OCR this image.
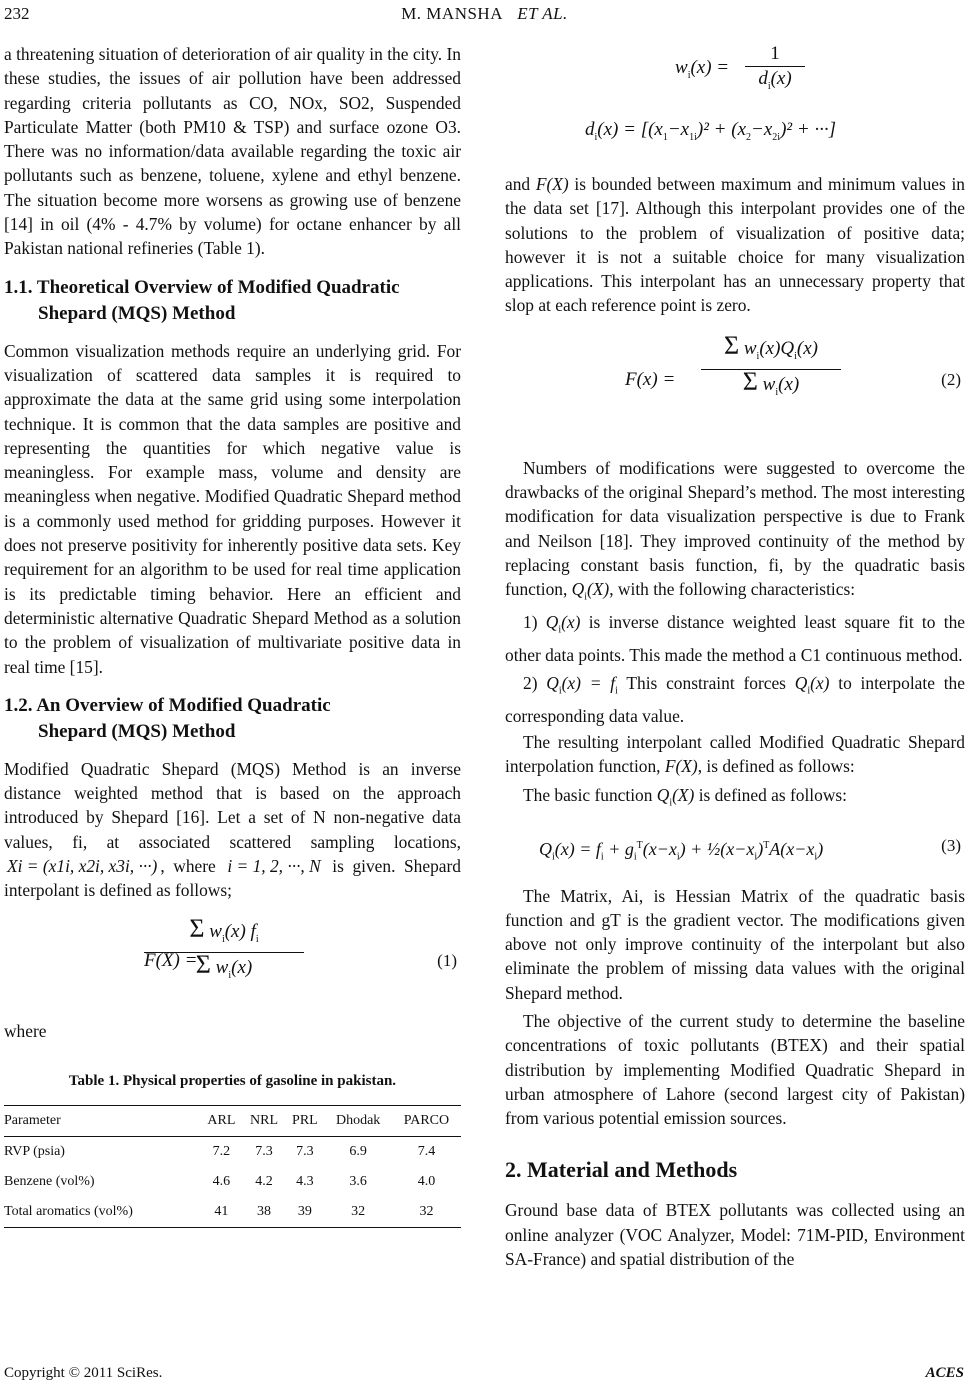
232	M. MANSHA ET AL.

a threatening situation of deterioration of air quality in the city. In these studies, the issues of air pollution have been addressed regarding criteria pollutants as CO, NOx, SO2, Suspended Particulate Matter (both PM10 & TSP) and surface ozone O3. There was no information/data available regarding the toxic air pollutants such as benzene, toluene, xylene and ethyl benzene. The situation become more worsens as growing use of benzene [14] in oil (4% - 4.7% by volume) for octane enhancer by all Pakistan national refineries (Table 1).

1.1. Theoretical Overview of Modified Quadratic
Shepard (MQS) Method

Common visualization methods require an underlying grid. For visualization of scattered data samples it is required to approximate the data at the same grid using some interpolation technique. It is common that the data samples are positive and representing the quantities for which negative value is meaningless. For example mass, volume and density are meaningless when negative. Modified Quadratic Shepard method is a commonly used method for gridding purposes. However it does not preserve positivity for inherently positive data sets. Key requirement for an algorithm to be used for real time application is its predictable timing behavior. Here an efficient and deterministic alternative Quadratic Shepard Method as a solution to the problem of visualization of multivariate positive data in real time [15].

1.2. An Overview of Modified Quadratic
Shepard (MQS) Method

Modified Quadratic Shepard (MQS) Method is an inverse distance weighted method that is based on the approach introduced by Shepard [16]. Let a set of N non-negative data values, fi, at associated scattered sampling locations, Xi = (x1i, x2i, x3i, ···) , where i = 1, 2, ···, N is given. Shepard interpolant is defined as follows;

$\frac{\Sigma w_i(x) f_i}{\Sigma w_i(x)}$
F(X) =	(1)

where

Table 1. Physical properties of gasoline in pakistan.

Parameter	ARL	NRL	PRL	Dhodak	PARCO
RVP (psia)	7.2	7.3	7.3	6.9	7.4
Benzene (vol%)	4.6	4.2	4.3	3.6	4.0
Total aromatics (vol%)	41	38	39	32	32
$w_i(x) = \frac{1}{d_i(x)}$
$d_i(x) = [(x_1-x_{1i})^2 + (x_2-x_{2i})^2$ + ···]

and F(X) is bounded between maximum and minimum values in the data set [17]. Although this interpolant provides one of the solutions to the problem of visualization of positive data; however it is not a suitable choice for many visualization applications. This interpolant has an unnecessary property that slop at each reference point is zero.

$F(x) = \frac{\Sigma w_i(x)Q_i(x)}{\Sigma w_i(x)}$	(2)

Numbers of modifications were suggested to overcome the drawbacks of the original Shepard’s method. The most interesting modification for data visualization perspective is due to Frank and Neilson [18]. They improved continuity of the method by replacing constant basis function, fi, by the quadratic basis function, $Q_i(X)$, with the following characteristics:

1) $Q_i(x)$ is inverse distance weighted least square fit to the other data points. This made the method a C1 continuous method.

2) $Q_i(x) = f_i$ This constraint forces $Q_i(x)$ to interpolate the corresponding data value.

The resulting interpolant called Modified Quadratic Shepard interpolation function, F(X), is defined as follows:

The basic function $Q_i(X)$ is defined as follows:

$Q_i(x) = f_i + g_i^T(x-x_i)$ + $\frac{1}{2}(x-x_i)^TA(x-x_i)$	(3)

The Matrix, Ai, is Hessian Matrix of the quadratic basis function and gT is the gradient vector. The modifications given above not only improve continuity of the interpolant but also eliminate the problem of missing data values with the original Shepard method.

The objective of the current study to determine the baseline concentrations of toxic pollutants (BTEX) and their spatial distribution by implementing Modified Quadratic Shepard in urban atmosphere of Lahore (second largest city of Pakistan) from various potential emission sources.

2. Material and Methods

Ground base data of BTEX pollutants was collected using an online analyzer (VOC Analyzer, Model: 71M-PID, Environment SA-France) and spatial distribution of the

Copyright © 2011 SciRes.	ACES
